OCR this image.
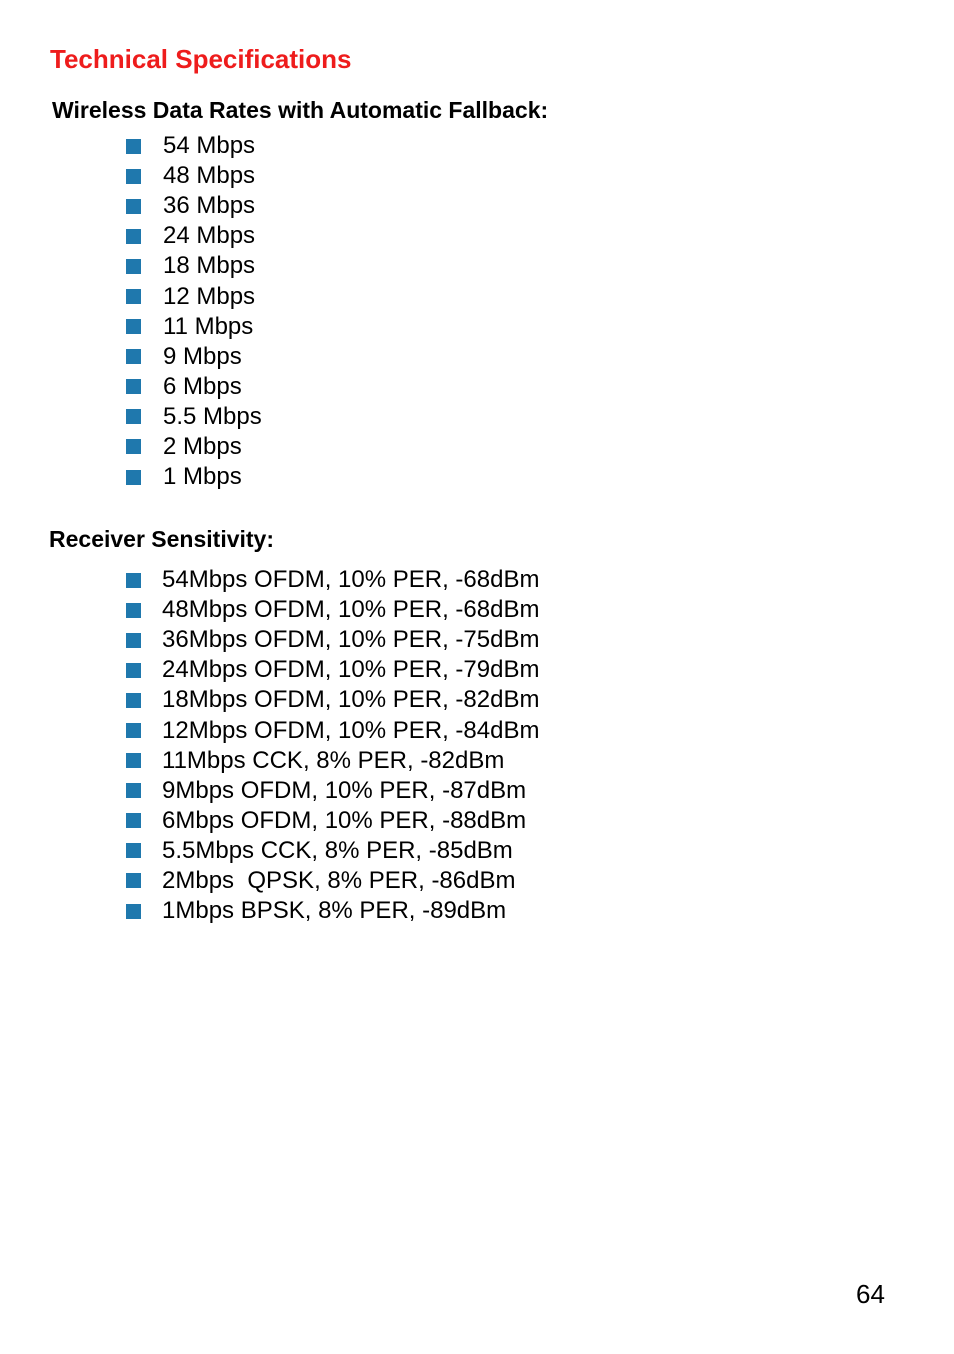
Technical Specifications
Wireless Data Rates with Automatic Fallback:
54 Mbps
48 Mbps
36 Mbps
24 Mbps
18 Mbps
12 Mbps
11 Mbps
9 Mbps
6 Mbps
5.5 Mbps
2 Mbps
1 Mbps
Receiver Sensitivity:
54Mbps OFDM, 10% PER, -68dBm
48Mbps OFDM, 10% PER, -68dBm
36Mbps OFDM, 10% PER, -75dBm
24Mbps OFDM, 10% PER, -79dBm
18Mbps OFDM, 10% PER, -82dBm
12Mbps OFDM, 10% PER, -84dBm
11Mbps CCK, 8% PER, -82dBm
9Mbps OFDM, 10% PER, -87dBm
6Mbps OFDM, 10% PER, -88dBm
5.5Mbps CCK, 8% PER, -85dBm
2Mbps  QPSK, 8% PER, -86dBm
1Mbps BPSK, 8% PER, -89dBm
64
